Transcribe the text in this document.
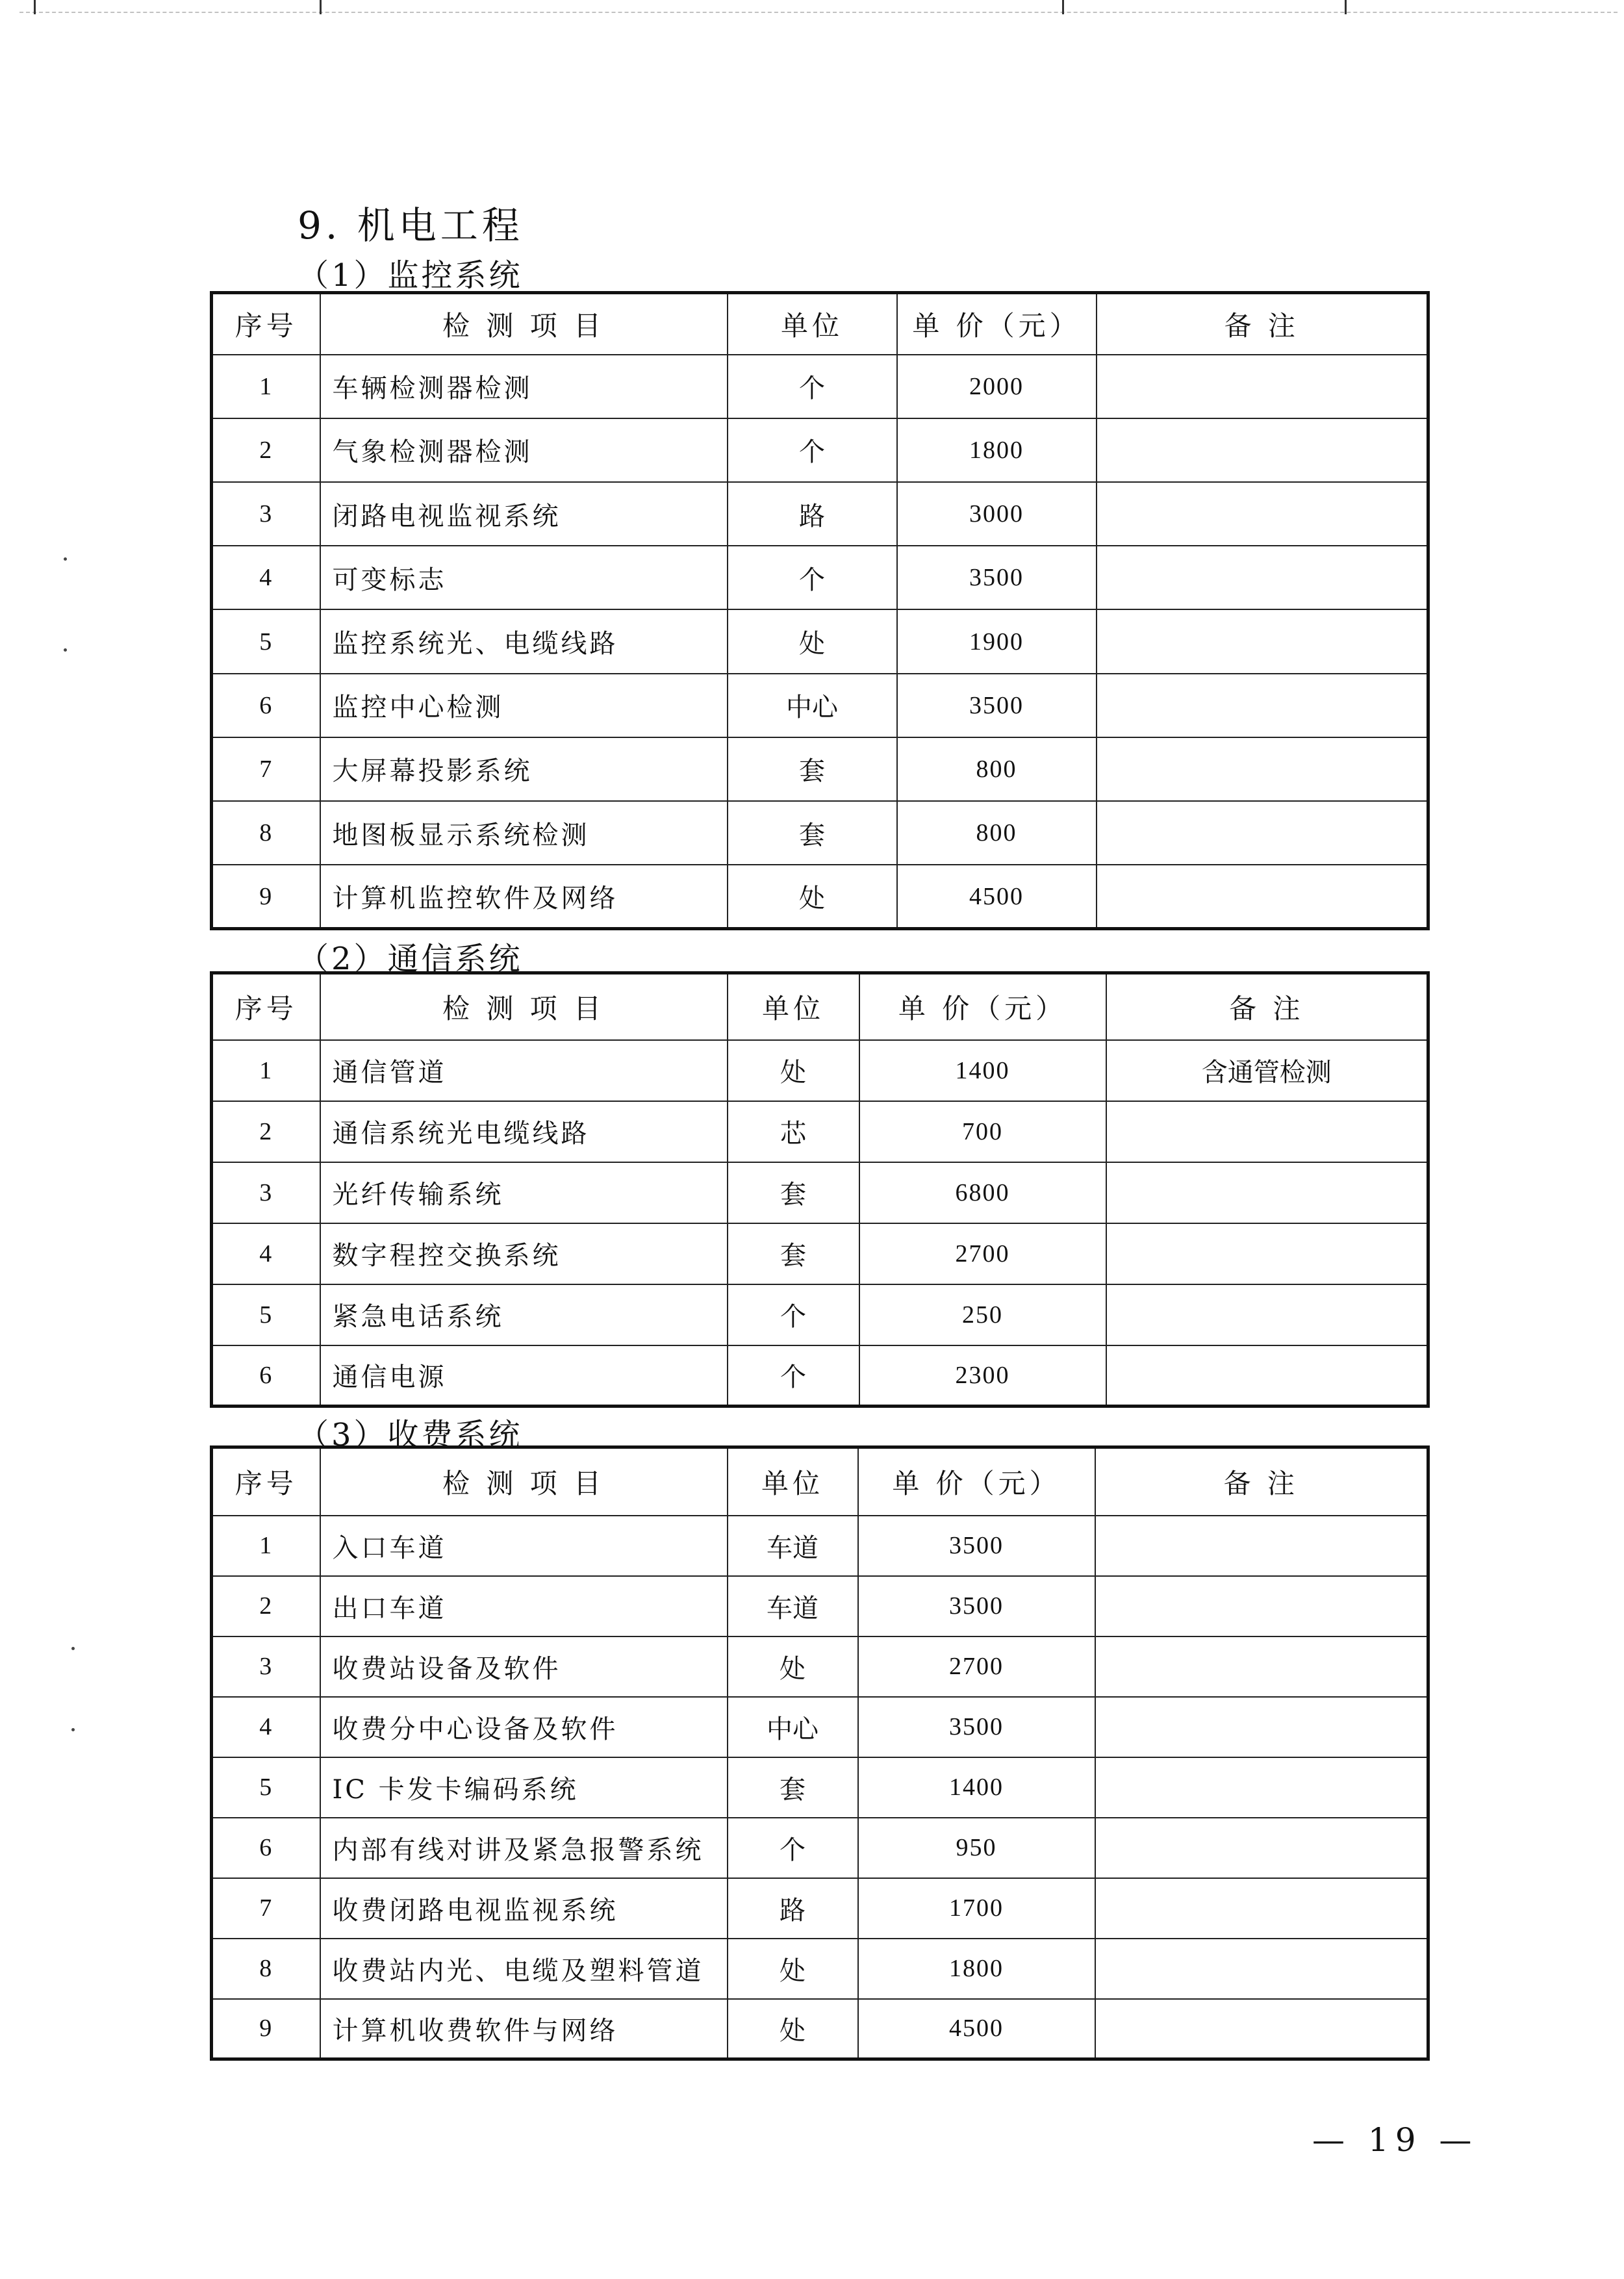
9. 机电工程
（1）监控系统
序号	检 测 项 目	单位	单 价（元）	备 注
1	车辆检测器检测	个	2000	
2	气象检测器检测	个	1800	
3	闭路电视监视系统	路	3000	
4	可变标志	个	3500	
5	监控系统光、电缆线路	处	1900	
6	监控中心检测	中心	3500	
7	大屏幕投影系统	套	800	
8	地图板显示系统检测	套	800	
9	计算机监控软件及网络	处	4500	
（2）通信系统
序号	检 测 项 目	单位	单 价（元）	备 注
1	通信管道	处	1400	含通管检测
2	通信系统光电缆线路	芯	700	
3	光纤传输系统	套	6800	
4	数字程控交换系统	套	2700	
5	紧急电话系统	个	250	
6	通信电源	个	2300	
（3）收费系统
序号	检 测 项 目	单位	单 价（元）	备 注
1	入口车道	车道	3500	
2	出口车道	车道	3500	
3	收费站设备及软件	处	2700	
4	收费分中心设备及软件	中心	3500	
5	IC 卡发卡编码系统	套	1400	
6	内部有线对讲及紧急报警系统	个	950	
7	收费闭路电视监视系统	路	1700	
8	收费站内光、电缆及塑料管道	处	1800	
9	计算机收费软件与网络	处	4500	
— 19 —
